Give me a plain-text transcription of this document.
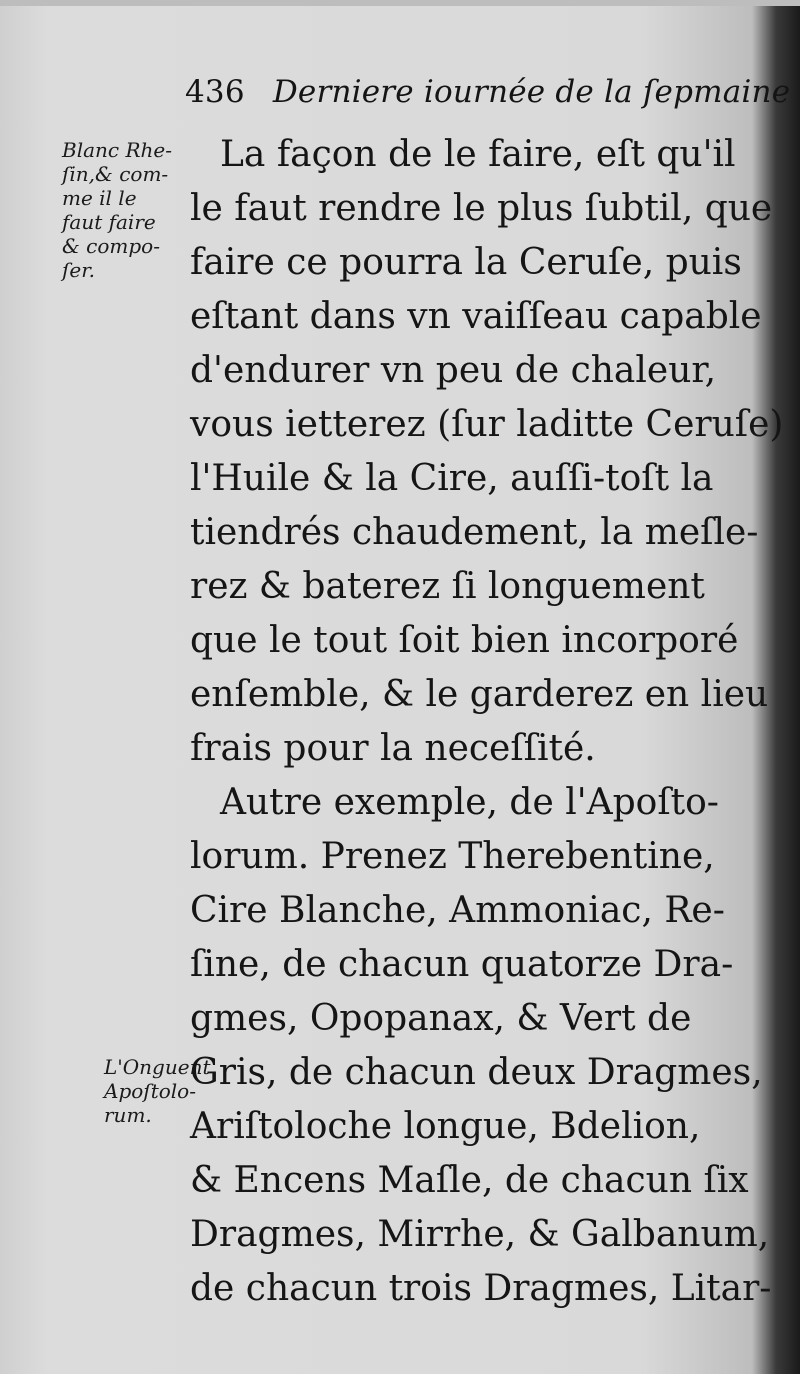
436 Derniere iournée de la ſepmaine
Blanc Rhe-
ſin,& com-
me il le
faut faire
& compo-
ſer.
L'Onguent
Apoſtolo-
rum.
La façon de le faire, eſt qu'il
le faut rendre le plus ſubtil, que
faire ce pourra la Ceruſe, puis
eſtant dans vn vaiſſeau capable
d'endurer vn peu de chaleur,
vous ietterez (ſur laditte Ceruſe)
l'Huile & la Cire, auſſi-toſt la
tiendrés chaudement, la meſle-
rez & baterez ſi longuement
que le tout ſoit bien incorporé
enſemble, & le garderez en lieu
frais pour la neceſſité.
Autre exemple, de l'Apoſto-
lorum. Prenez Therebentine,
Cire Blanche, Ammoniac, Re-
ſine, de chacun quatorze Dra-
gmes, Opopanax, & Vert de
Gris, de chacun deux Dragmes,
Ariſtoloche longue, Bdelion,
& Encens Maſle, de chacun ſix
Dragmes, Mirrhe, & Galbanum,
de chacun trois Dragmes, Litar-
